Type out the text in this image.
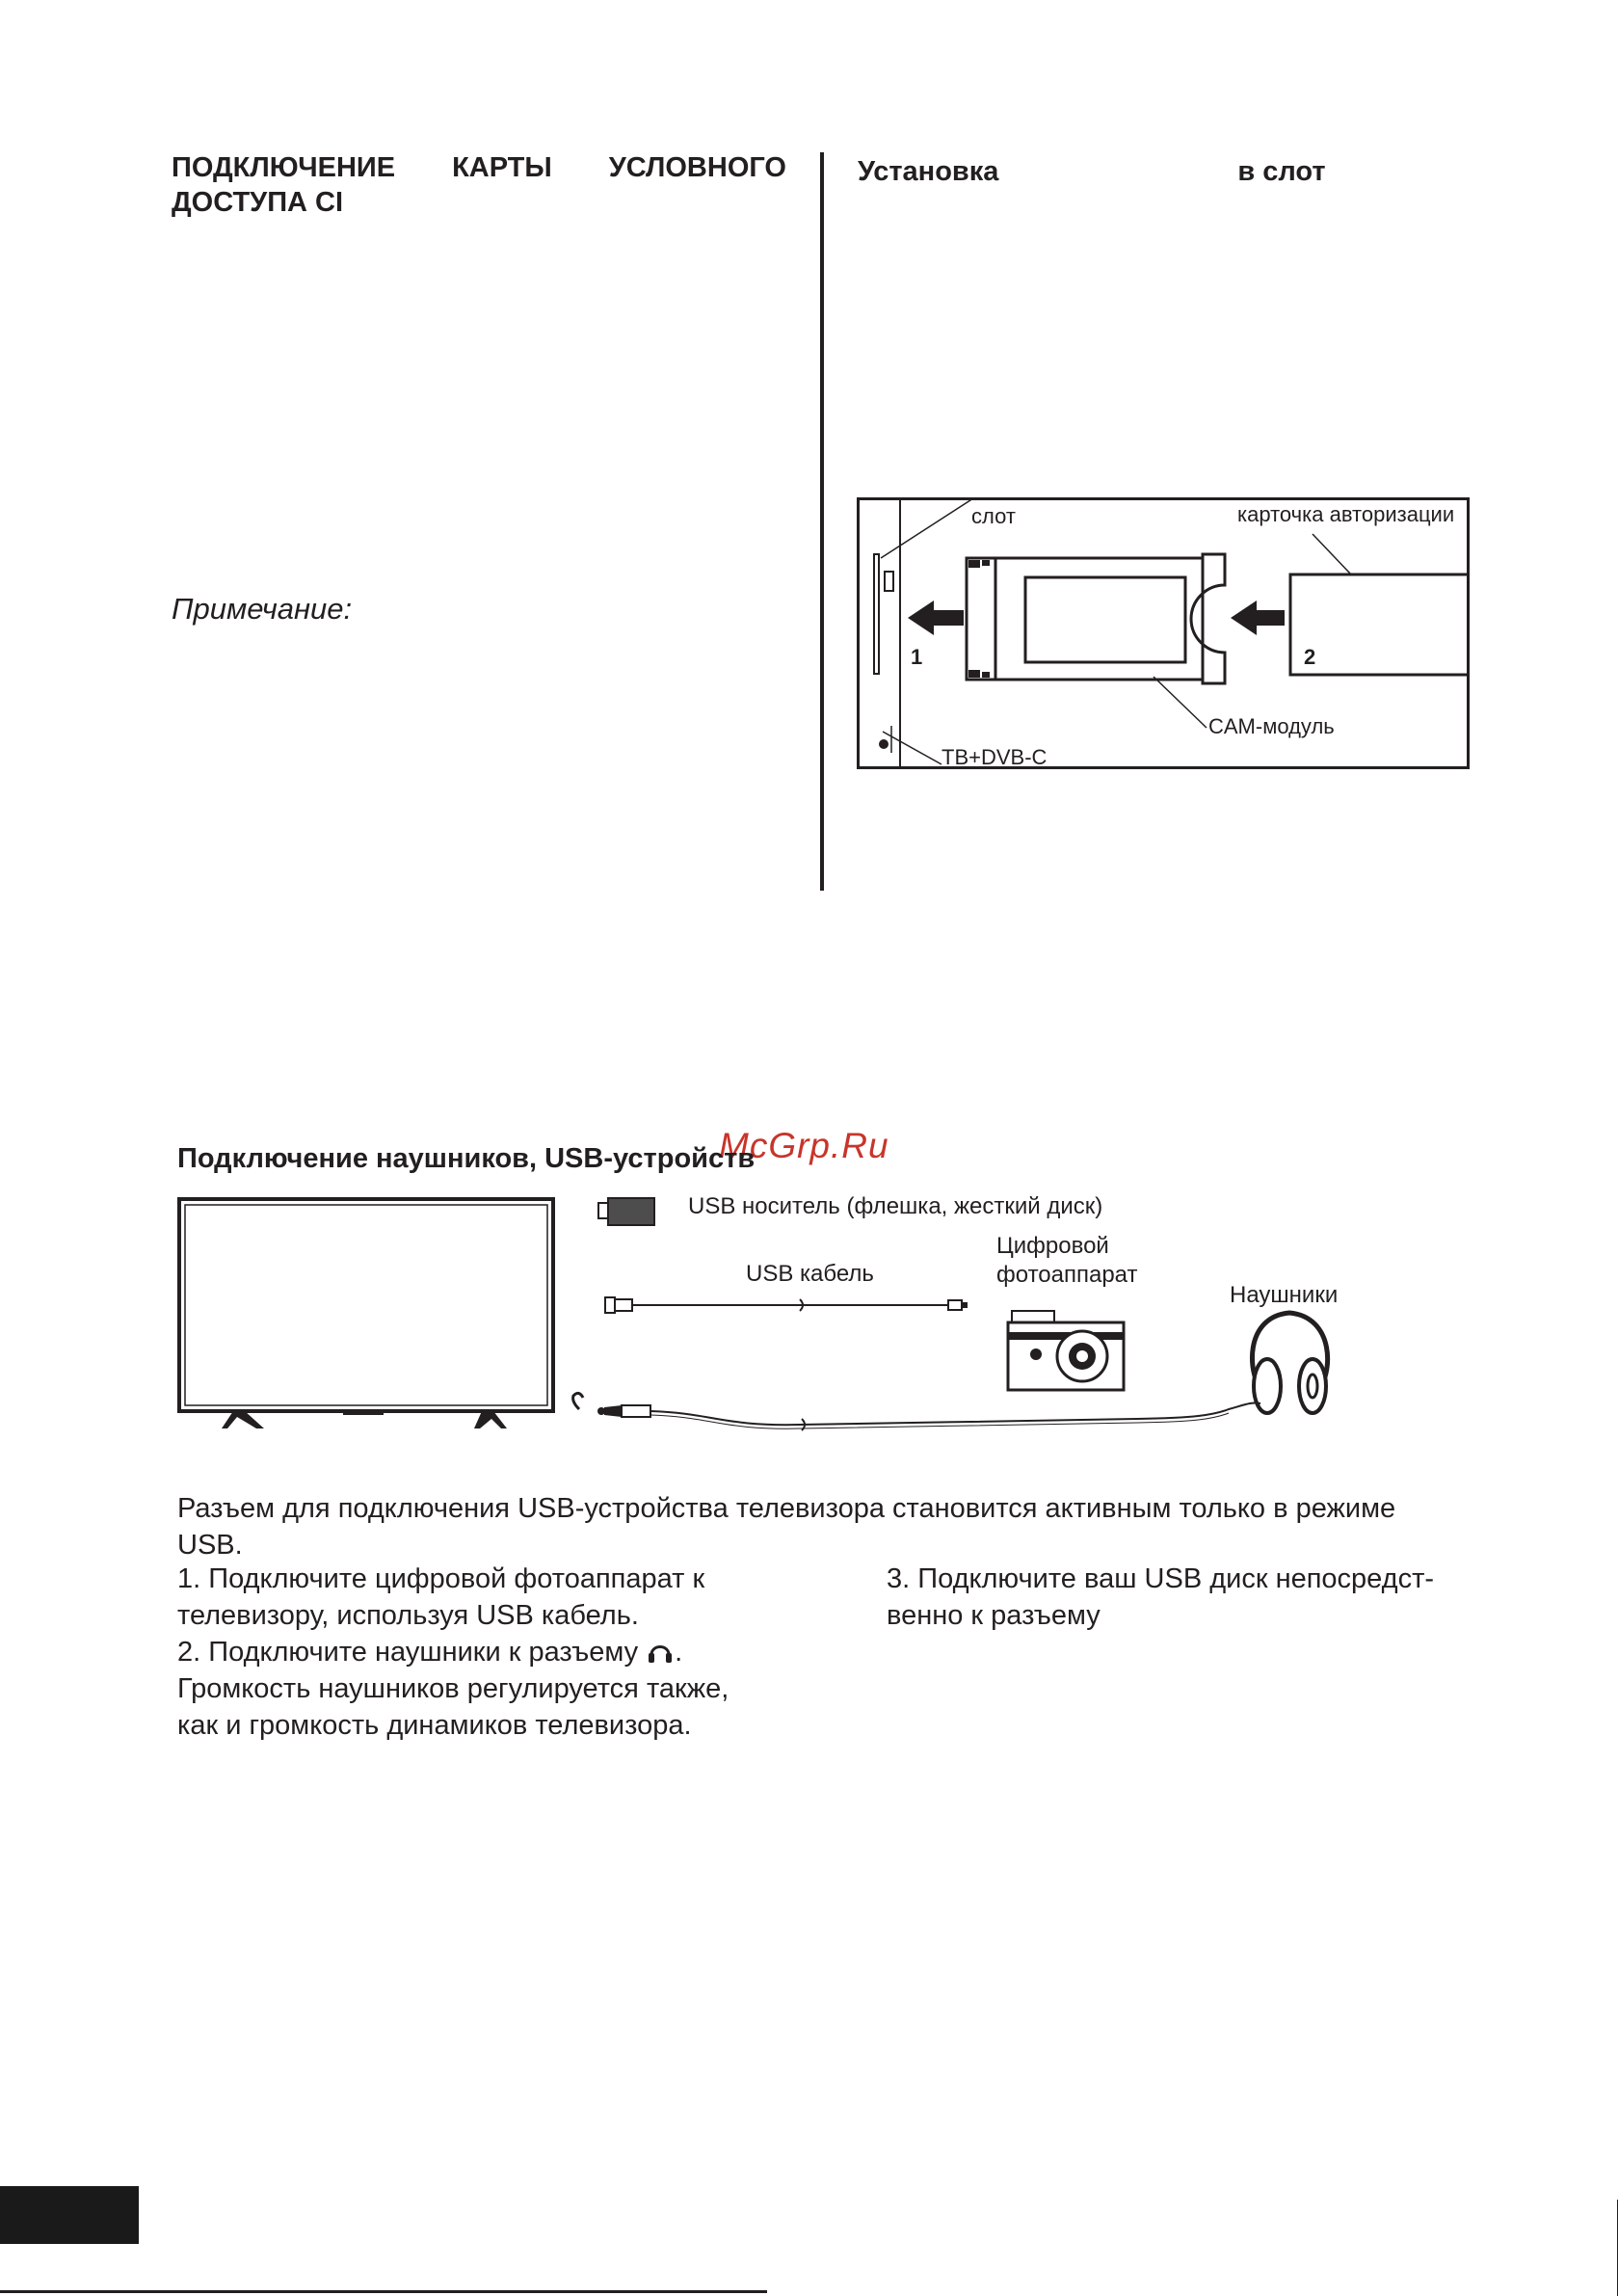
ПОДКЛЮЧЕНИЕ КАРТЫ УСЛОВНОГО
ДОСТУПА CI
Примечание:
Установка	в слот
слот	карточка авторизации
1	2
CAM-модуль
ТВ+DVB-C
McGrp.Ru
Подключение наушников, USB-устройств
USB носитель (флешка, жесткий диск)
USB кабель
Цифровой
фотоаппарат
Наушники
Разъем для подключения USB-устройства телевизора становится активным только в режиме USB.
1. Подключите цифровой фотоаппарат к телевизору, используя USB кабель.
2. Подключите наушники к разъему . Громкость наушников регулируется также, как и громкость динамиков телевизора.
3. Подключите ваш USB диск непосредст-венно к разъему
